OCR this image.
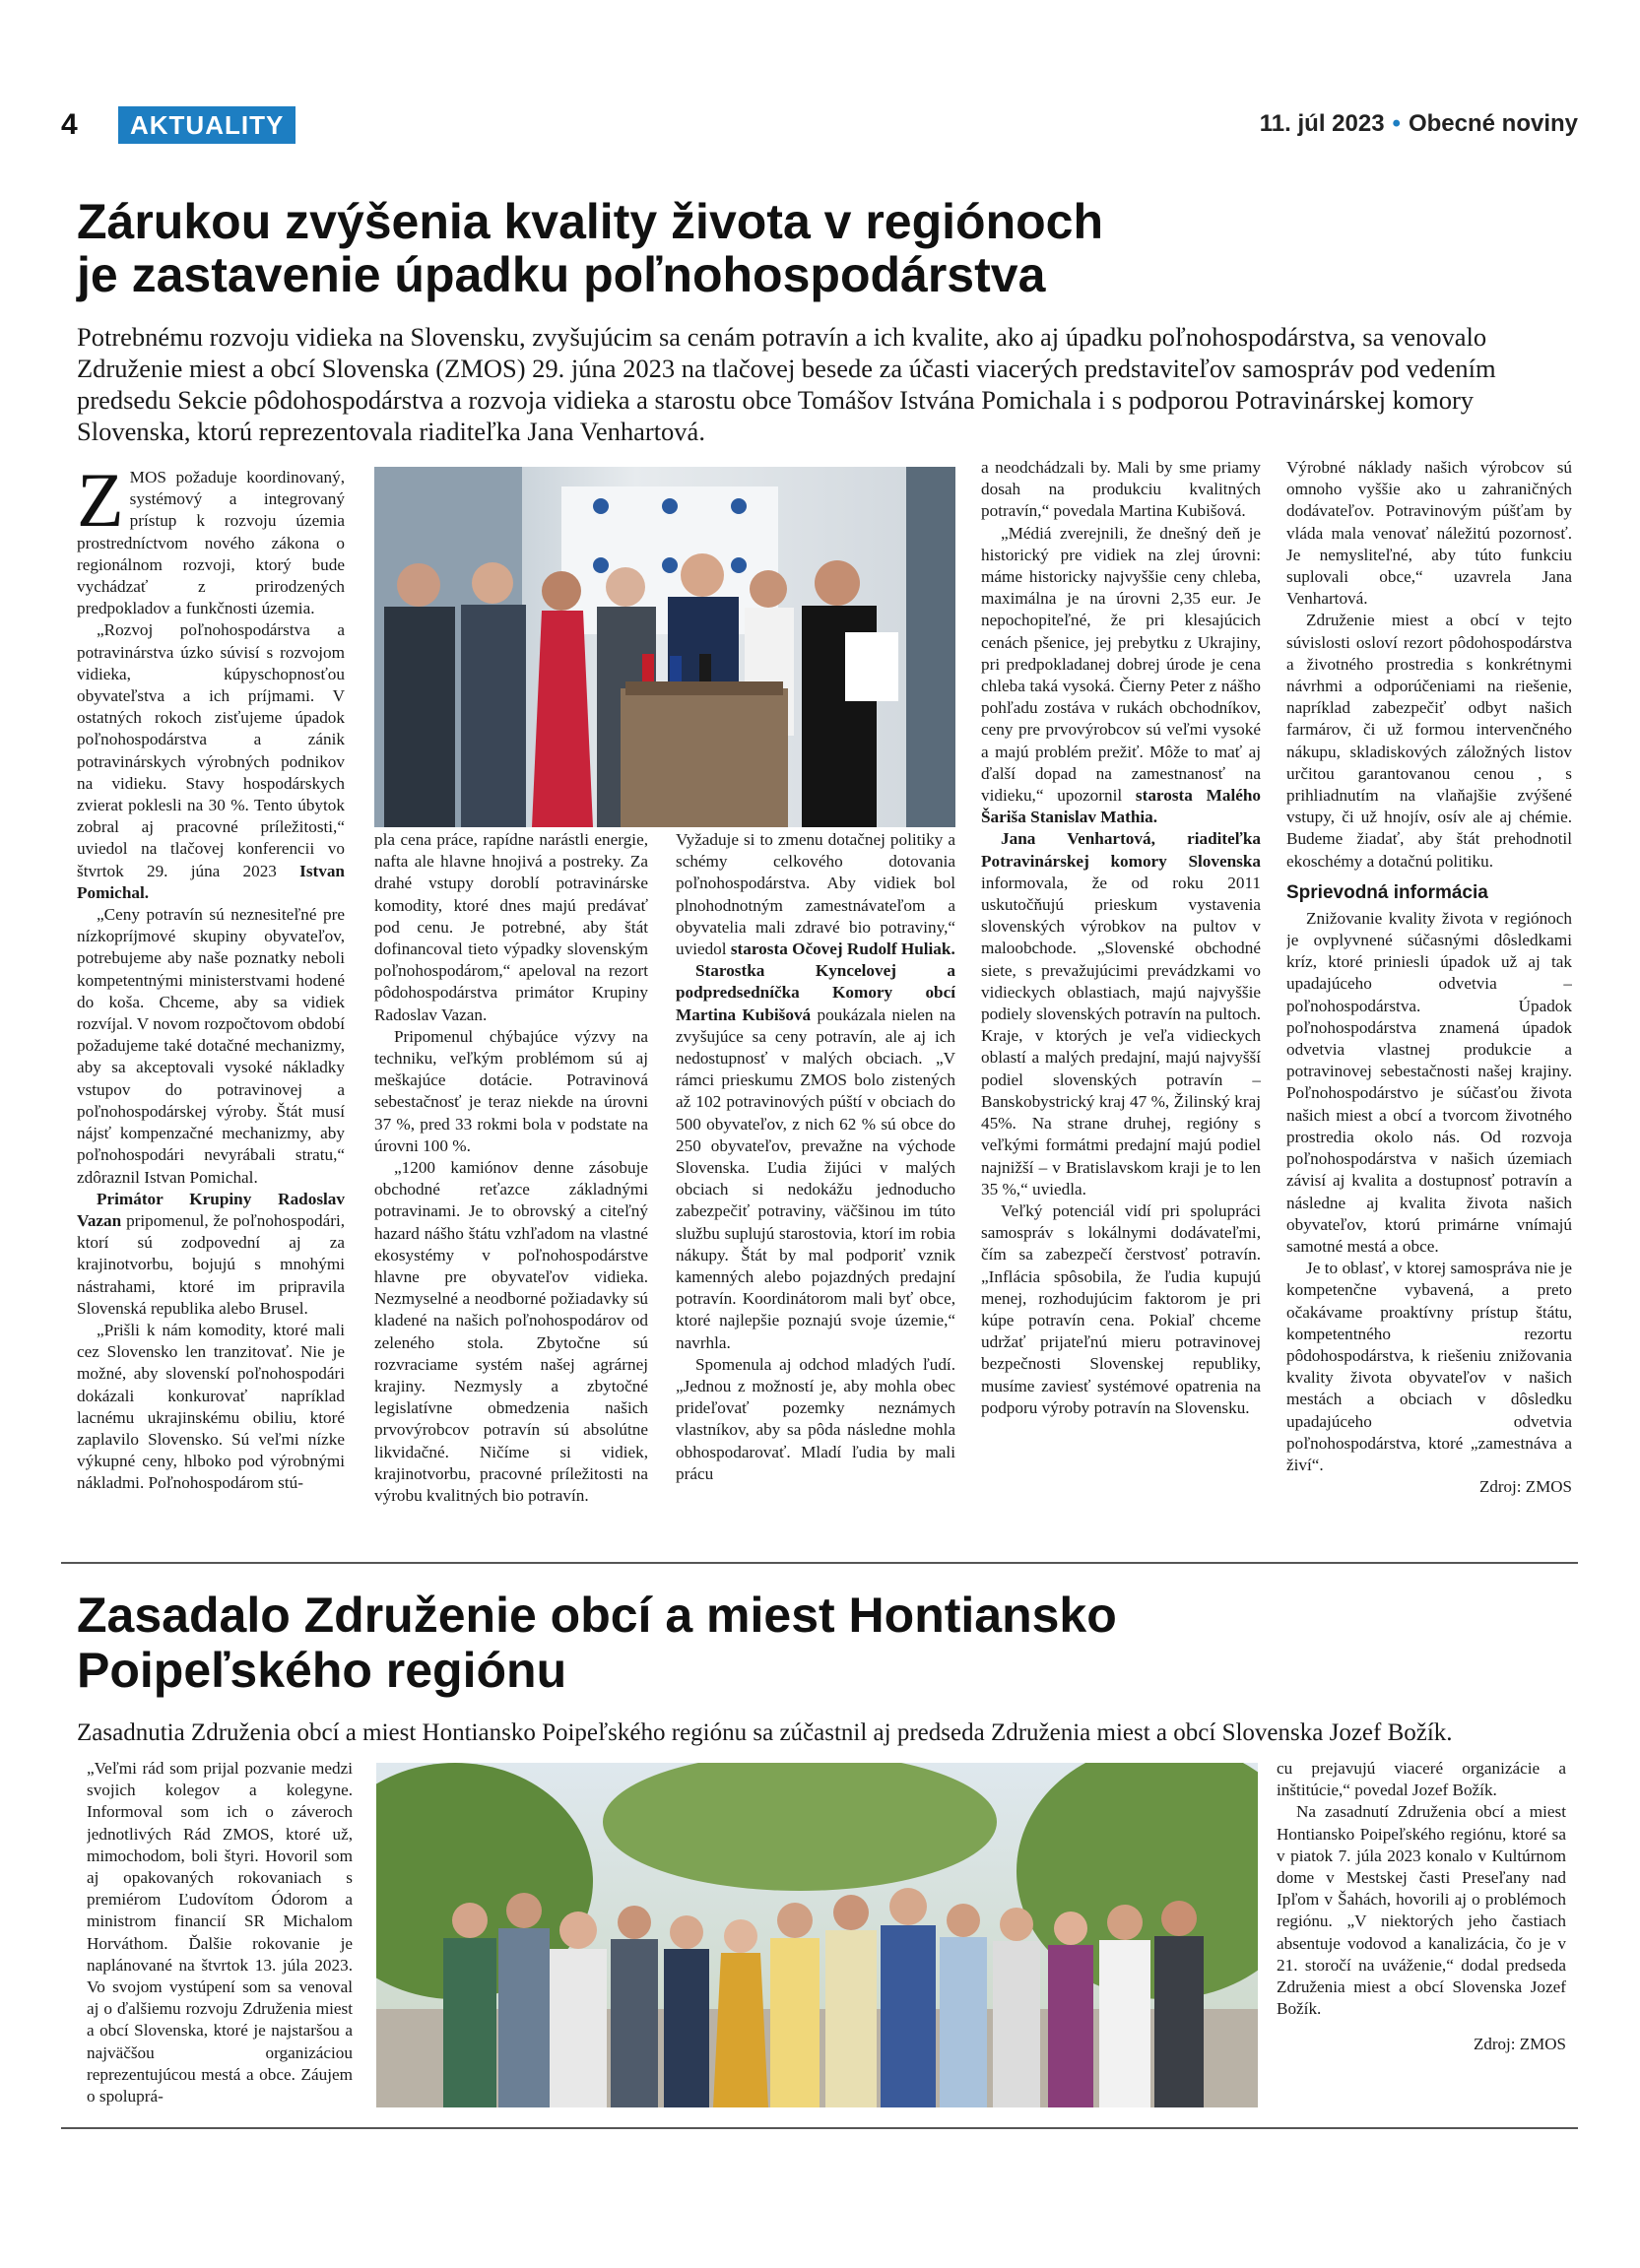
4	AKTUALITY	11. júl 2023 • Obecné noviny
Zárukou zvýšenia kvality života v regiónoch
je zastavenie úpadku poľnohospodárstva

Potrebnému rozvoju vidieka na Slovensku, zvyšujúcim sa cenám potravín a ich kvalite, ako aj úpadku poľnohospodárstva, sa venovalo Združenie miest a obcí Slovenska (ZMOS) 29. júna 2023 na tlačovej besede za účasti viacerých predstaviteľov samospráv pod vedením predsedu Sekcie pôdohospodárstva a rozvoja vidieka a starostu obce Tomášov Istvána Pomichala i s podporou Potravinárskej komory Slovenska, ktorú reprezentovala riaditeľka Jana Venhartová.

ZMOS požaduje koordinovaný, systémový a integrovaný prístup k rozvoju územia prostredníctvom nového zákona o regionálnom rozvoji, ktorý bude vychádzať z prirodzených predpokladov a funkčnosti územia.

„Rozvoj poľnohospodárstva a potravinárstva úzko súvisí s rozvojom vidieka, kúpyschopnosťou obyvateľstva a ich príjmami. V ostatných rokoch zisťujeme úpadok poľnohospodárstva a zánik potravinárskych výrobných podnikov na vidieku. Stavy hospodárskych zvierat poklesli na 30 %. Tento úbytok zobral aj pracovné príležitosti,“ uviedol na tlačovej konferencii vo štvrtok 29. júna 2023 Istvan Pomichal.

„Ceny potravín sú neznesiteľné pre nízkopríjmové skupiny obyvateľov, potrebujeme aby naše poznatky neboli kompetentnými ministerstvami hodené do koša. Chceme, aby sa vidiek rozvíjal. V novom rozpočtovom období požadujeme také dotačné mechanizmy, aby sa akceptovali vysoké nákladky vstupov do potravinovej a poľnohospodárskej výroby. Štát musí nájsť kompenzačné mechanizmy, aby poľnohospodári nevyrábali stratu,“ zdôraznil Istvan Pomichal.

Primátor Krupiny Radoslav Vazan pripomenul, že poľnohospodári, ktorí sú zodpovední aj za krajinotvorbu, bojujú s mnohými nástrahami, ktoré im pripravila Slovenská republika alebo Brusel.

„Prišli k nám komodity, ktoré mali cez Slovensko len tranzitovať. Nie je možné, aby slovenskí poľnohospodári dokázali konkurovať napríklad lacnému ukrajinskému obiliu, ktoré zaplavilo Slovensko. Sú veľmi nízke výkupné ceny, hlboko pod výrobnými nákladmi. Poľnohospodárom stú-

pla cena práce, rapídne narástli energie, nafta ale hlavne hnojivá a postreky. Za drahé vstupy doroblí potravinárske komodity, ktoré dnes majú predávať pod cenu. Je potrebné, aby štát dofinancoval tieto výpadky slovenským poľnohospodárom,“ apeloval na rezort pôdohospodárstva primátor Krupiny Radoslav Vazan.

Pripomenul chýbajúce výzvy na techniku, veľkým problémom sú aj meškajúce dotácie. Potravinová sebestačnosť je teraz niekde na úrovni 37 %, pred 33 rokmi bola v podstate na úrovni 100 %.

„1200 kamiónov denne zásobuje obchodné reťazce základnými potravinami. Je to obrovský a citeľný hazard nášho štátu vzhľadom na vlastné ekosystémy v poľnohospodárstve hlavne pre obyvateľov vidieka. Nezmyselné a neodborné požiadavky sú kladené na našich poľnohospodárov od zeleného stola. Zbytočne sú rozvraciame systém našej agrárnej krajiny. Nezmysly a zbytočné legislatívne obmedzenia našich prvovýrobcov potravín sú absolútne likvidačné. Ničíme si vidiek, krajinotvorbu, pracovné príležitosti na výrobu kvalitných bio potravín.

Vyžaduje si to zmenu dotačnej politiky a schémy celkového dotovania poľnohospodárstva. Aby vidiek bol plnohodnotným zamestnávateľom a obyvatelia mali zdravé bio potraviny,“ uviedol starosta Očovej Rudolf Huliak.

Starostka Kyncelovej a podpredsedníčka Komory obcí Martina Kubišová poukázala nielen na zvyšujúce sa ceny potravín, ale aj ich nedostupnosť v malých obciach. „V rámci prieskumu ZMOS bolo zistených až 102 potravinových púští v obciach do 500 obyvateľov, z nich 62 % sú obce do 250 obyvateľov, prevažne na východe Slovenska. Ľudia žijúci v malých obciach si nedokážu jednoducho zabezpečiť potraviny, väčšinou im túto službu suplujú starostovia, ktorí im robia nákupy. Štát by mal podporiť vznik kamenných alebo pojazdných predajní potravín. Koordinátorom mali byť obce, ktoré najlepšie poznajú svoje územie,“ navrhla.

Spomenula aj odchod mladých ľudí. „Jednou z možností je, aby mohla obec prideľovať pozemky neznámych vlastníkov, aby sa pôda následne mohla obhospodarovať. Mladí ľudia by mali prácu

a neodchádzali by. Mali by sme priamy dosah na produkciu kvalitných potravín,“ povedala Martina Kubišová.

„Médiá zverejnili, že dnešný deň je historický pre vidiek na zlej úrovni: máme historicky najvyššie ceny chleba, maximálna je na úrovni 2,35 eur. Je nepochopiteľné, že pri klesajúcich cenách pšenice, jej prebytku z Ukrajiny, pri predpokladanej dobrej úrode je cena chleba taká vysoká. Čierny Peter z nášho pohľadu zostáva v rukách obchodníkov, ceny pre prvovýrobcov sú veľmi vysoké a majú problém prežiť. Môže to mať aj ďalší dopad na zamestnanosť na vidieku,“ upozornil starosta Malého Šariša Stanislav Mathia.

Jana Venhartová, riaditeľka Potravinárskej komory Slovenska informovala, že od roku 2011 uskutočňujú prieskum vystavenia slovenských výrobkov na pultov v maloobchode. „Slovenské obchodné siete, s prevažujúcimi prevádzkami vo vidieckych oblastiach, majú najvyššie podiely slovenských potravín na pultoch. Kraje, v ktorých je veľa vidieckych oblastí a malých predajní, majú najvyšší podiel slovenských potravín – Banskobystrický kraj 47 %, Žilinský kraj 45%. Na strane druhej, regióny s veľkými formátmi predajní majú podiel najnižší – v Bratislavskom kraji je to len 35 %,“ uviedla.

Veľký potenciál vidí pri spolupráci samospráv s lokálnymi dodávateľmi, čím sa zabezpečí čerstvosť potravín. „Inflácia spôsobila, že ľudia kupujú menej, rozhodujúcim faktorom je pri kúpe potravín cena. Pokiaľ chceme udržať prijateľnú mieru potravinovej bezpečnosti Slovenskej republiky, musíme zaviesť systémové opatrenia na podporu výroby potravín na Slovensku.

Výrobné náklady našich výrobcov sú omnoho vyššie ako u zahraničných dodávateľov. Potravinovým púšťam by vláda mala venovať náležitú pozornosť. Je nemysliteľné, aby túto funkciu suplovali obce,“ uzavrela Jana Venhartová.

Združenie miest a obcí v tejto súvislosti osloví rezort pôdohospodárstva a životného prostredia s konkrétnymi návrhmi a odporúčeniami na riešenie, napríklad zabezpečiť odbyt našich farmárov, či už formou intervenčného nákupu, skladiskových záložných listov určitou garantovanou cenou , s prihliadnutím na vlaňajšie zvýšené vstupy, či už hnojív, osív ale aj chémie. Budeme žiadať, aby štát prehodnotil ekoschémy a dotačnú politiku.

Sprievodná informácia

Znižovanie kvality života v regiónoch je ovplyvnené súčasnými dôsledkami kríz, ktoré priniesli úpadok už aj tak upadajúceho odvetvia – poľnohospodárstva. Úpadok poľnohospodárstva znamená úpadok odvetvia vlastnej produkcie a potravinovej sebestačnosti našej krajiny. Poľnohospodárstvo je súčasťou života našich miest a obcí a tvorcom životného prostredia okolo nás. Od rozvoja poľnohospodárstva v našich územiach závisí aj kvalita a dostupnosť potravín a následne aj kvalita života našich obyvateľov, ktorú primárne vnímajú samotné mestá a obce.

Je to oblasť, v ktorej samospráva nie je kompetenčne vybavená, a preto očakávame proaktívny prístup štátu, kompetentného rezortu pôdohospodárstva, k riešeniu znižovania kvality života obyvateľov v našich mestách a obciach v dôsledku upadajúceho odvetvia poľnohospodárstva, ktoré „zamestnáva a živí“.

Zdroj: ZMOS

Zasadalo Združenie obcí a miest Hontiansko
Poipeľského regiónu

Zasadnutia Združenia obcí a miest Hontiansko Poipeľského regiónu sa zúčastnil aj predseda Združenia miest a obcí Slovenska Jozef Božík.

„Veľmi rád som prijal pozvanie medzi svojich kolegov a kolegyne. Informoval som ich o záveroch jednotlivých Rád ZMOS, ktoré už, mimochodom, boli štyri. Hovoril som aj opakovaných rokovaniach s premiérom Ľudovítom Ódorom a ministrom financií SR Michalom Horváthom. Ďalšie rokovanie je naplánované na štvrtok 13. júla 2023. Vo svojom vystúpení som sa venoval aj o ďalšiemu rozvoju Združenia miest a obcí Slovenska, ktoré je najstaršou a najväčšou organizáciou reprezentujúcou mestá a obce. Záujem o spoluprá-

cu prejavujú viaceré organizácie a inštitúcie,“ povedal Jozef Božík.

Na zasadnutí Združenia obcí a miest Hontiansko Poipeľského regiónu, ktoré sa v piatok 7. júla 2023 konalo v Kultúrnom dome v Mestskej časti Preseľany nad Ipľom v Šahách, hovorili aj o problémoch regiónu. „V niektorých jeho častiach absentuje vodovod a kanalizácia, čo je v 21. storočí na uváženie,“ dodal predseda Združenia miest a obcí Slovenska Jozef Božík.

Zdroj: ZMOS
